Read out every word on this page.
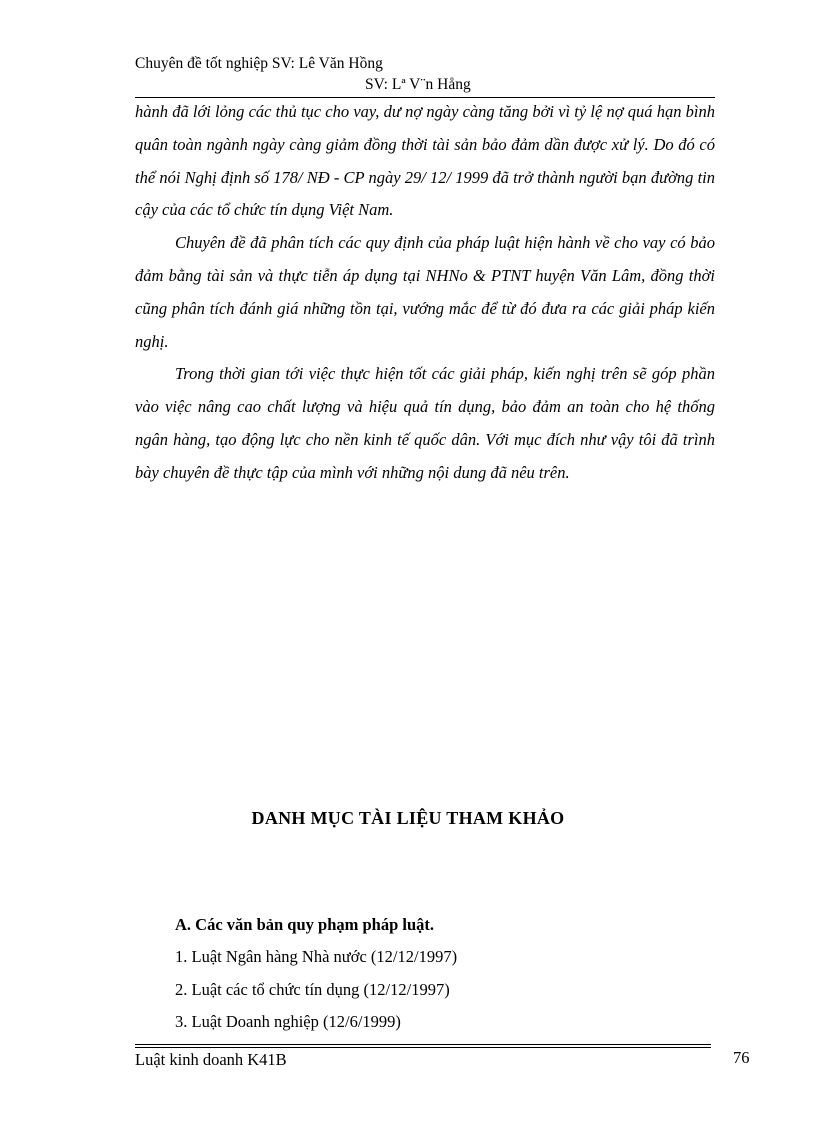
Chuyên đề tốt nghiệp SV: Lê Văn Hồng
SV: Lª V¨n Hång

hành đã lới lỏng các thủ tục cho vay, dư nợ ngày càng tăng bởi vì tỷ lệ nợ quá hạn bình quân toàn ngành ngày càng giảm đồng thời tài sản bảo đảm dần được xử lý. Do đó có thể nói Nghị định số 178/ NĐ - CP ngày 29/ 12/ 1999 đã trở thành người bạn đường tin cậy của các tổ chức tín dụng Việt Nam.

Chuyên đề đã phân tích các quy định của pháp luật hiện hành về cho vay có bảo đảm bằng tài sản và thực tiễn áp dụng tại NHNo & PTNT huyện Văn Lâm, đồng thời cũng phân tích đánh giá những tồn tại, vướng mắc để từ đó đưa ra các giải pháp kiến nghị.

Trong thời gian tới việc thực hiện tốt các giải pháp, kiến nghị trên sẽ góp phần vào việc nâng cao chất lượng và hiệu quả tín dụng, bảo đảm an toàn cho hệ thống ngân hàng, tạo động lực cho nền kinh tế quốc dân. Với mục đích như vậy tôi đã trình bày chuyên đề thực tập của mình với những nội dung đã nêu trên.

DANH MỤC TÀI LIỆU THAM KHẢO
A. Các văn bản quy phạm pháp luật.
1. Luật Ngân hàng Nhà nước (12/12/1997)
2. Luật các tổ chức tín dụng (12/12/1997)
3. Luật Doanh nghiệp (12/6/1999)
Luật kinh doanh K41B	76
